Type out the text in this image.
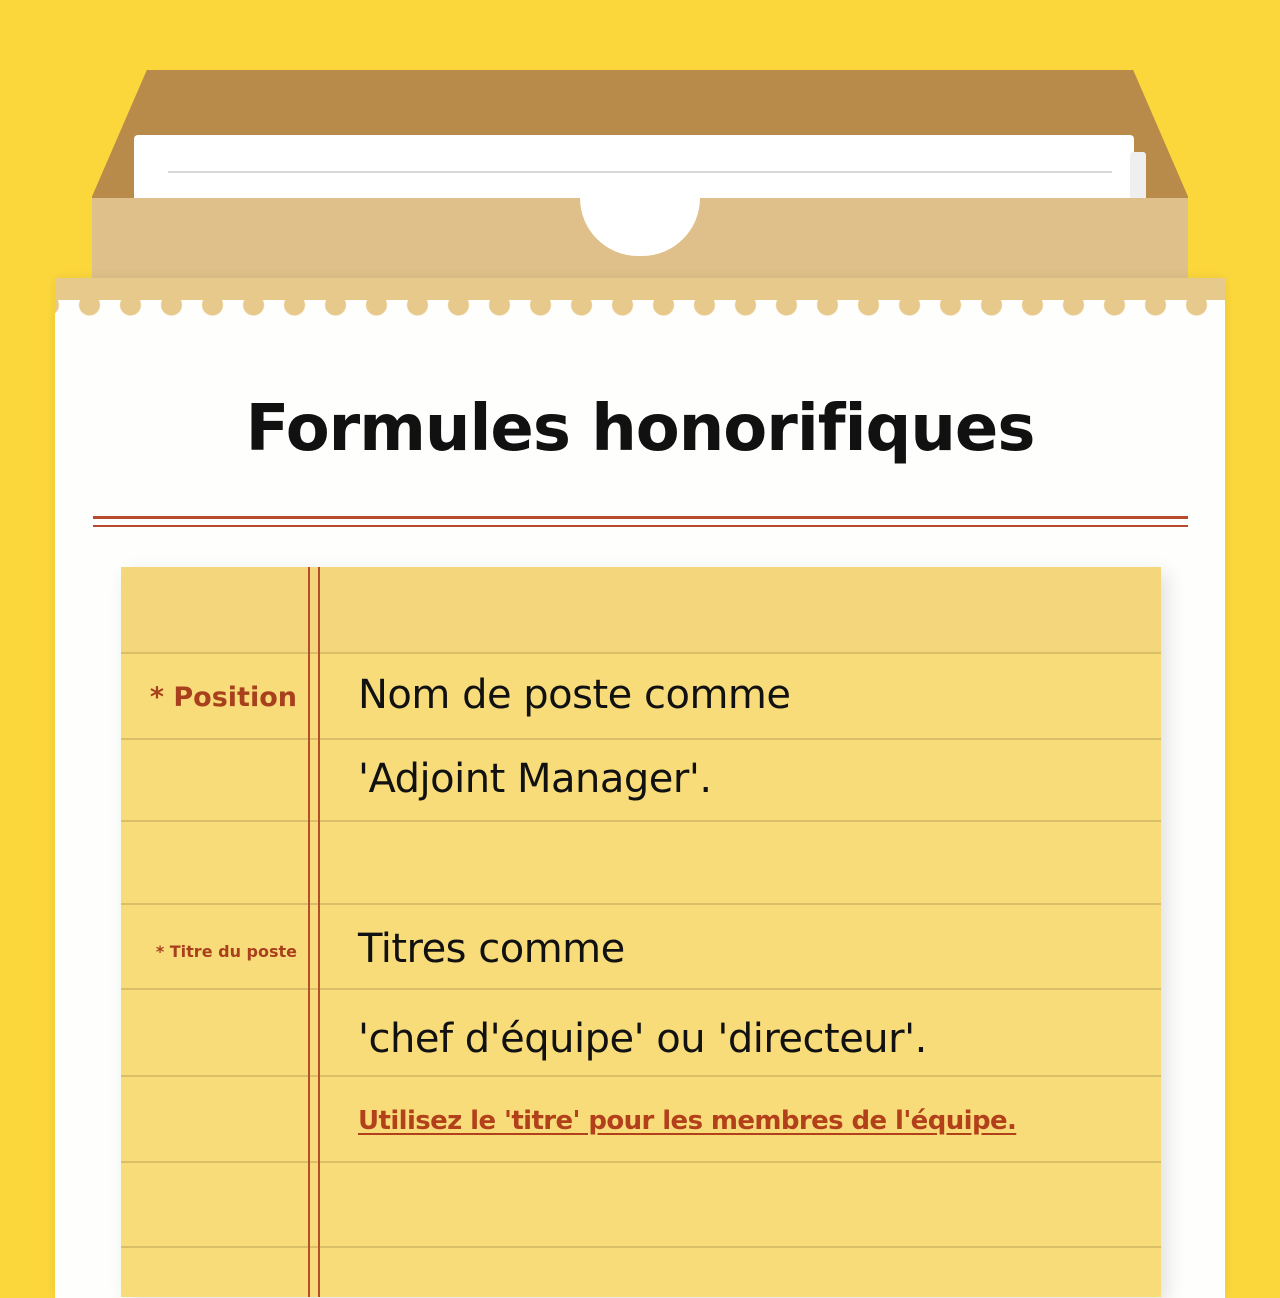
Formules honorifiques
* Position Nom de poste comme
'Adjoint Manager'.
* Titre du poste Titres comme
'chef d'équipe' ou 'directeur'.
Utilisez le 'titre' pour les membres de l'équipe.
